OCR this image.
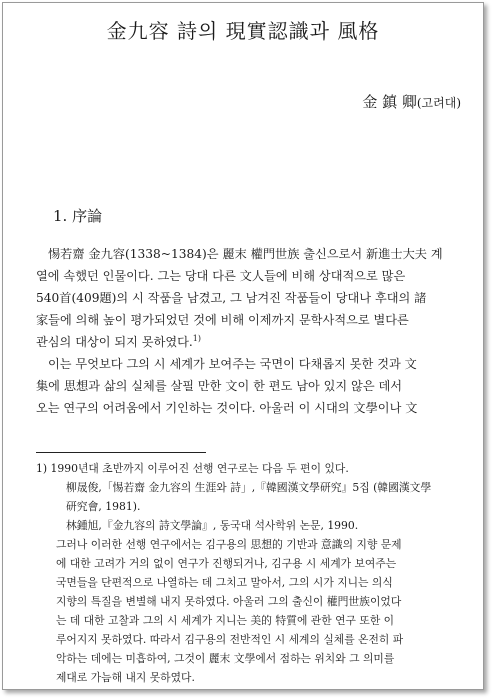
金九容 詩의 現實認識과 風格
金 鎮 卿(고려대)
1. 序論
惕若齋 金九容(1338~1384)은 麗末 權門世族 출신으로서 新進士大夫 계
열에 속했던 인물이다. 그는 당대 다른 文人들에 비해 상대적으로 많은
540首(409題)의 시 작품을 남겼고, 그 남겨진 작품들이 당대나 후대의 諸
家들에 의해 높이 평가되었던 것에 비해 이제까지 문학사적으로 별다른
관심의 대상이 되지 못하였다.$^{1)}$
이는 무엇보다 그의 시 세계가 보여주는 국면이 다채롭지 못한 것과 文
集에 思想과 삶의 실체를 살필 만한 文이 한 편도 남아 있지 않은 데서
오는 연구의 어려움에서 기인하는 것이다. 아울러 이 시대의 文學이나 文
1) 1990년대 초반까지 이루어진 선행 연구로는 다음 두 편이 있다.
柳晟俊,「惕若齋 金九容의 生涯와 詩」,『韓國漢文學研究』5집 (韓國漢文學
研究會, 1981).
林鍾旭,『金九容의 詩文學論』, 동국대 석사학위 논문, 1990.
그러나 이러한 선행 연구에서는 김구용의 思想的 기반과 意識의 지향 문제
에 대한 고려가 거의 없이 연구가 진행되거나, 김구용 시 세계가 보여주는
국면들을 단편적으로 나열하는 데 그치고 말아서, 그의 시가 지니는 의식
지향의 특질을 변별해 내지 못하였다. 아울러 그의 출신이 權門世族이었다
는 데 대한 고찰과 그의 시 세계가 지니는 美的 特質에 관한 연구 또한 이
루어지지 못하였다. 따라서 김구용의 전반적인 시 세계의 실체를 온전히 파
악하는 데에는 미흡하여, 그것이 麗末 文學에서 점하는 위치와 그 의미를
제대로 가늠해 내지 못하였다.
